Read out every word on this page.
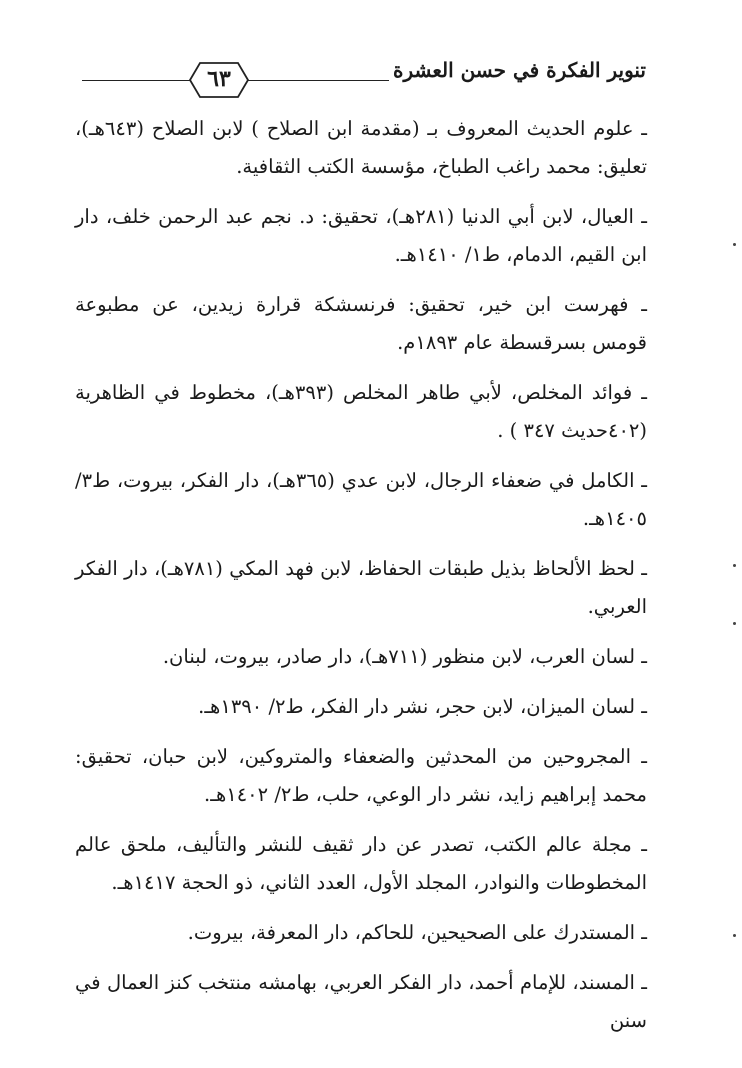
٦٣	تنوير الفكرة في حسن العشرة

ـ علوم الحديث المعروف بـ (مقدمة ابن الصلاح ) لابن الصلاح (٦٤٣هـ)، تعليق: محمد راغب الطباخ، مؤسسة الكتب الثقافية.

ـ العيال، لابن أبي الدنيا (٢٨١هـ)، تحقيق: د. نجم عبد الرحمن خلف، دار ابن القيم، الدمام، ط١/ ١٤١٠هـ.

ـ فهرست ابن خير، تحقيق: فرنسشكة قرارة زيدين، عن مطبوعة قومس بسرقسطة عام ١٨٩٣م.

ـ فوائد المخلص، لأبي طاهر المخلص (٣٩٣هـ)، مخطوط في الظاهرية (٤٠٢حديث ٣٤٧ ) .

ـ الكامل في ضعفاء الرجال، لابن عدي (٣٦٥هـ)، دار الفكر، بيروت، ط٣/ ١٤٠٥هـ.

ـ لحظ الألحاظ بذيل طبقات الحفاظ، لابن فهد المكي (٧٨١هـ)، دار الفكر العربي.

ـ لسان العرب، لابن منظور (٧١١هـ)، دار صادر، بيروت، لبنان.

ـ لسان الميزان، لابن حجر، نشر دار الفكر، ط٢/ ١٣٩٠هـ.

ـ المجروحين من المحدثين والضعفاء والمتروكين، لابن حبان، تحقيق: محمد إبراهيم زايد، نشر دار الوعي، حلب، ط٢/ ١٤٠٢هـ.

ـ مجلة عالم الكتب، تصدر عن دار ثقيف للنشر والتأليف، ملحق عالم المخطوطات والنوادر، المجلد الأول، العدد الثاني، ذو الحجة ١٤١٧هـ.

ـ المستدرك على الصحيحين، للحاكم، دار المعرفة، بيروت.

ـ المسند، للإمام أحمد، دار الفكر العربي، بهامشه منتخب كنز العمال في سنن
